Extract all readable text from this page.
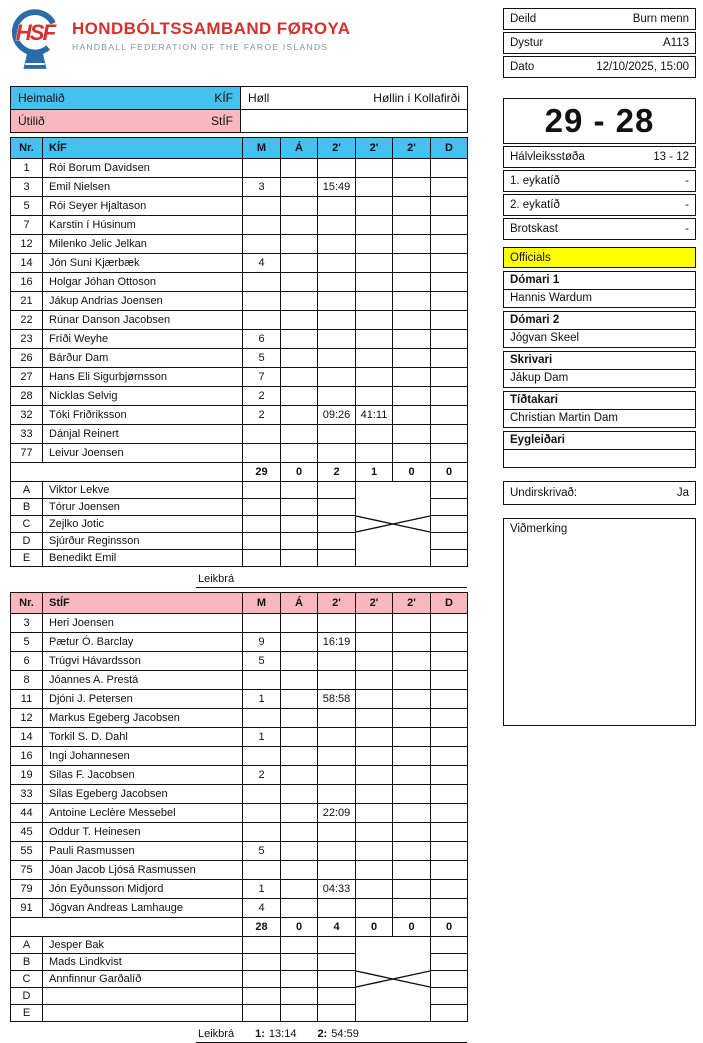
HSF HONDBÓLTSSAMBAND FØROYA
HANDBALL FEDERATION OF THE FAROE ISLANDS
Heimalið KÍF	Høll Høllin í Kollafirði

Útilið StÍF	

Nr.	KÍF	M	Á	2'	2'	2'	D
1	Rói Borum Davidsen						
3	Emil Nielsen	3		15:49			
5	Rói Seyer Hjaltason						
7	Karstin í Húsinum						
12	Milenko Jelic Jelkan						
14	Jón Suni Kjærbæk	4					
16	Holgar Jóhan Ottoson						
21	Jákup Andrias Joensen						
22	Rúnar Danson Jacobsen						
23	Fríði Weyhe	6					
26	Bárður Dam	5					
27	Hans Eli Sigurbjørnsson	7					
28	Nicklas Selvig	2					
32	Tóki Friðriksson	2		09:26	41:11		
33	Dánjal Reinert						
77	Leivur Joensen						
		29	0	2	1	0	0
A	Viktor Lekve				

B	Tórur Joensen						
C	Zejlko Jotic						
D	Sjúrður Reginsson						
E	Benedikt Emil						
Leikbrá
Nr.	StÍF	M	Á	2'	2'	2'	D
3	Heri Joensen						
5	Pætur Ó. Barclay	9		16:19			
6	Trúgvi Hávardsson	5					
8	Jóannes A. Prestá						
11	Djóni J. Petersen	1		58:58			
12	Markus Egeberg Jacobsen						
14	Torkil S. D. Dahl	1					
16	Ingi Johannesen						
19	Silas F. Jacobsen	2					
33	Silas Egeberg Jacobsen						
44	Antoine Leclère Messebel			22:09			
45	Oddur T. Heinesen						
55	Pauli Rasmussen	5					
75	Jóan Jacob Ljósá Rasmussen						
79	Jón Eyðunsson Midjord	1		04:33			
91	Jógvan Andreas Lamhauge	4					
		28	0	4	0	0	0
A	Jesper Bak				

B	Mads Lindkvist						
C	Annfinnur Garðalíð						
D							
E							
Leikbrá 1: 13:14 2: 54:59
Deild	Burn menn
Dystur	A113
Dato	12/10/2025, 15:00
29 - 28
Hálvleiksstøða	13 - 12
1. eykatíð	-
2. eykatíð	-
Brotskast	-
Officials
Dómari 1
Hannis Wardum
Dómari 2
Jógvan Skeel
Skrivari
Jákup Dam
Tíðtakari
Christian Martin Dam
Eygleiðari
Undirskrivað:	Ja
Viðmerking
